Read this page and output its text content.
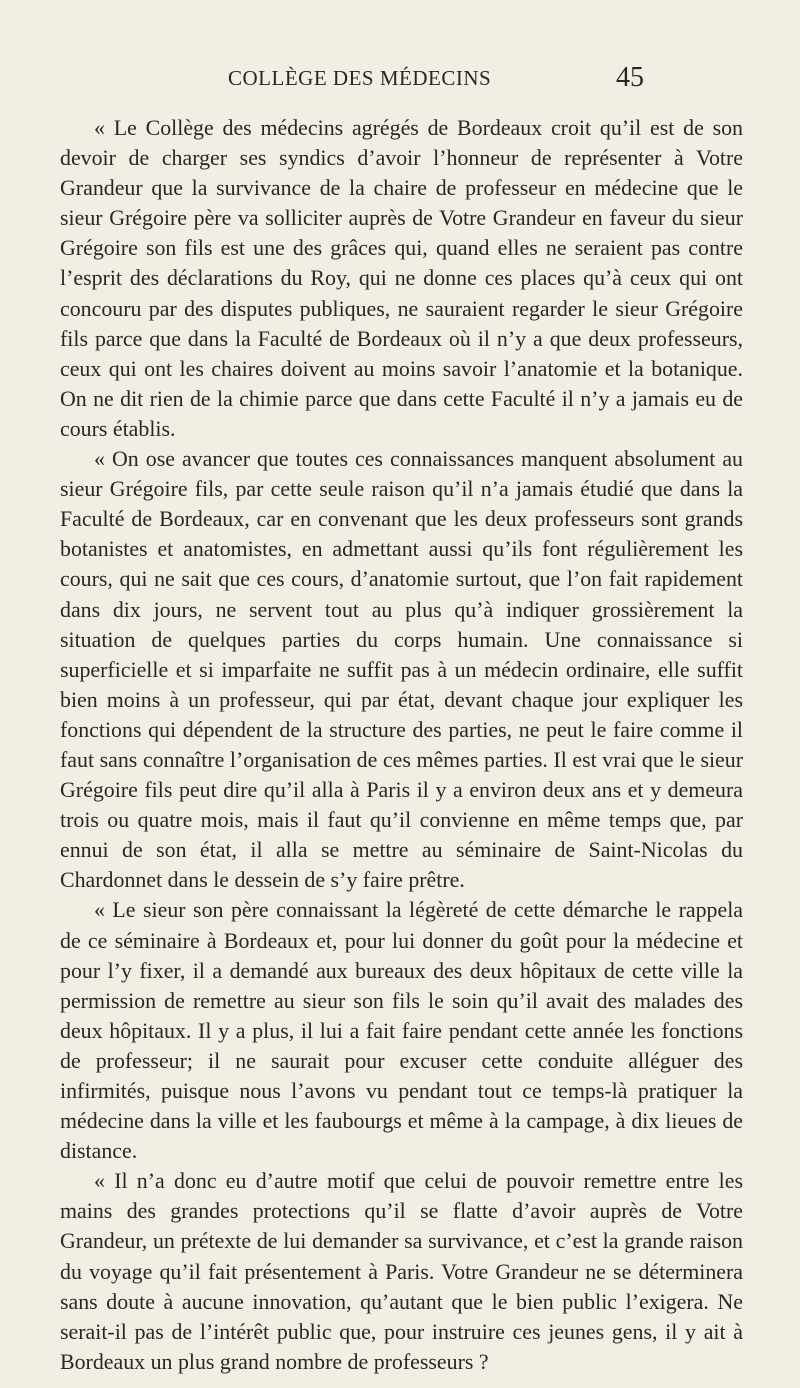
COLLÈGE DES MÉDECINS	45

« Le Collège des médecins agrégés de Bordeaux croit qu’il est de son devoir de charger ses syndics d’avoir l’honneur de représenter à Votre Grandeur que la survivance de la chaire de professeur en médecine que le sieur Grégoire père va solliciter auprès de Votre Grandeur en faveur du sieur Grégoire son fils est une des grâces qui, quand elles ne seraient pas contre l’esprit des déclarations du Roy, qui ne donne ces places qu’à ceux qui ont concouru par des disputes publiques, ne sauraient regarder le sieur Grégoire fils parce que dans la Faculté de Bordeaux où il n’y a que deux professeurs, ceux qui ont les chaires doivent au moins savoir l’anatomie et la botanique. On ne dit rien de la chimie parce que dans cette Faculté il n’y a jamais eu de cours établis.

« On ose avancer que toutes ces connaissances manquent absolument au sieur Grégoire fils, par cette seule raison qu’il n’a jamais étudié que dans la Faculté de Bordeaux, car en convenant que les deux professeurs sont grands botanistes et anatomistes, en admettant aussi qu’ils font régulièrement les cours, qui ne sait que ces cours, d’anatomie surtout, que l’on fait rapidement dans dix jours, ne servent tout au plus qu’à indiquer grossièrement la situation de quelques parties du corps humain. Une connaissance si superficielle et si imparfaite ne suffit pas à un médecin ordinaire, elle suffit bien moins à un professeur, qui par état, devant chaque jour expliquer les fonctions qui dépendent de la structure des parties, ne peut le faire comme il faut sans connaître l’organisation de ces mêmes parties. Il est vrai que le sieur Grégoire fils peut dire qu’il alla à Paris il y a environ deux ans et y demeura trois ou quatre mois, mais il faut qu’il convienne en même temps que, par ennui de son état, il alla se mettre au séminaire de Saint-Nicolas du Chardonnet dans le dessein de s’y faire prêtre.

« Le sieur son père connaissant la légèreté de cette démarche le rappela de ce séminaire à Bordeaux et, pour lui donner du goût pour la médecine et pour l’y fixer, il a demandé aux bureaux des deux hôpitaux de cette ville la permission de remettre au sieur son fils le soin qu’il avait des malades des deux hôpitaux. Il y a plus, il lui a fait faire pendant cette année les fonctions de professeur; il ne saurait pour excuser cette conduite alléguer des infirmités, puisque nous l’avons vu pendant tout ce temps-là pratiquer la médecine dans la ville et les faubourgs et même à la campage, à dix lieues de distance.

« Il n’a donc eu d’autre motif que celui de pouvoir remettre entre les mains des grandes protections qu’il se flatte d’avoir auprès de Votre Grandeur, un prétexte de lui demander sa survivance, et c’est la grande raison du voyage qu’il fait présentement à Paris. Votre Grandeur ne se déterminera sans doute à aucune innovation, qu’autant que le bien public l’exigera. Ne serait-il pas de l’intérêt public que, pour instruire ces jeunes gens, il y ait à Bordeaux un plus grand nombre de professeurs ?
